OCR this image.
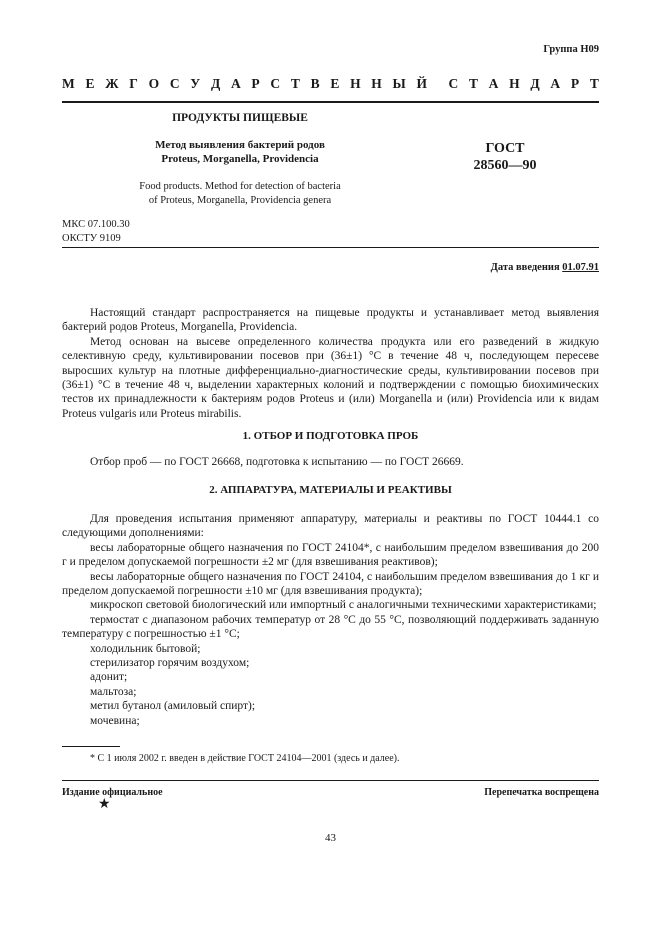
Группа Н09
М Е Ж Г О С У Д А Р С Т В Е Н Н Ы Й С Т А Н Д А Р Т
ПРОДУКТЫ ПИЩЕВЫЕ
Метод выявления бактерий родов
Proteus, Morganella, Providencia
ГОСТ
28560—90
Food products. Method for detection of bacteria
of Proteus, Morganella, Providencia genera
МКС 07.100.30
ОКСТУ 9109
Дата введения 01.07.91

Настоящий стандарт распространяется на пищевые продукты и устанавливает метод выявления бактерий родов Proteus, Morganella, Providencia.

Метод основан на высеве определенного количества продукта или его разведений в жидкую селективную среду, культивировании посевов при (36±1) °С в течение 48 ч, последующем пересеве выросших культур на плотные дифференциально-диагностические среды, культивировании посевов при (36±1) °С в течение 48 ч, выделении характерных колоний и подтверждении с помощью биохимических тестов их принадлежности к бактериям родов Proteus и (или) Morganella и (или) Providencia или к видам Proteus vulgaris или Proteus mirabilis.

1. ОТБОР И ПОДГОТОВКА ПРОБ

Отбор проб — по ГОСТ 26668, подготовка к испытанию — по ГОСТ 26669.

2. АППАРАТУРА, МАТЕРИАЛЫ И РЕАКТИВЫ

Для проведения испытания применяют аппаратуру, материалы и реактивы по ГОСТ 10444.1 со следующими дополнениями:

весы лабораторные общего назначения по ГОСТ 24104*, с наибольшим пределом взвешивания до 200 г и пределом допускаемой погрешности ±2 мг (для взвешивания реактивов);

весы лабораторные общего назначения по ГОСТ 24104, с наибольшим пределом взвешивания до 1 кг и пределом допускаемой погрешности ±10 мг (для взвешивания продукта);

микроскоп световой биологический или импортный с аналогичными техническими характеристиками;

термостат с диапазоном рабочих температур от 28 °С до 55 °С, позволяющий поддерживать заданную температуру с погрешностью ±1 °С;

холодильник бытовой;

стерилизатор горячим воздухом;

адонит;

мальтоза;

метил бутанол (амиловый спирт);

мочевина;

* С 1 июля 2002 г. введен в действие ГОСТ 24104—2001 (здесь и далее).
Издание официальное	Перепечатка воспрещена
★
43
